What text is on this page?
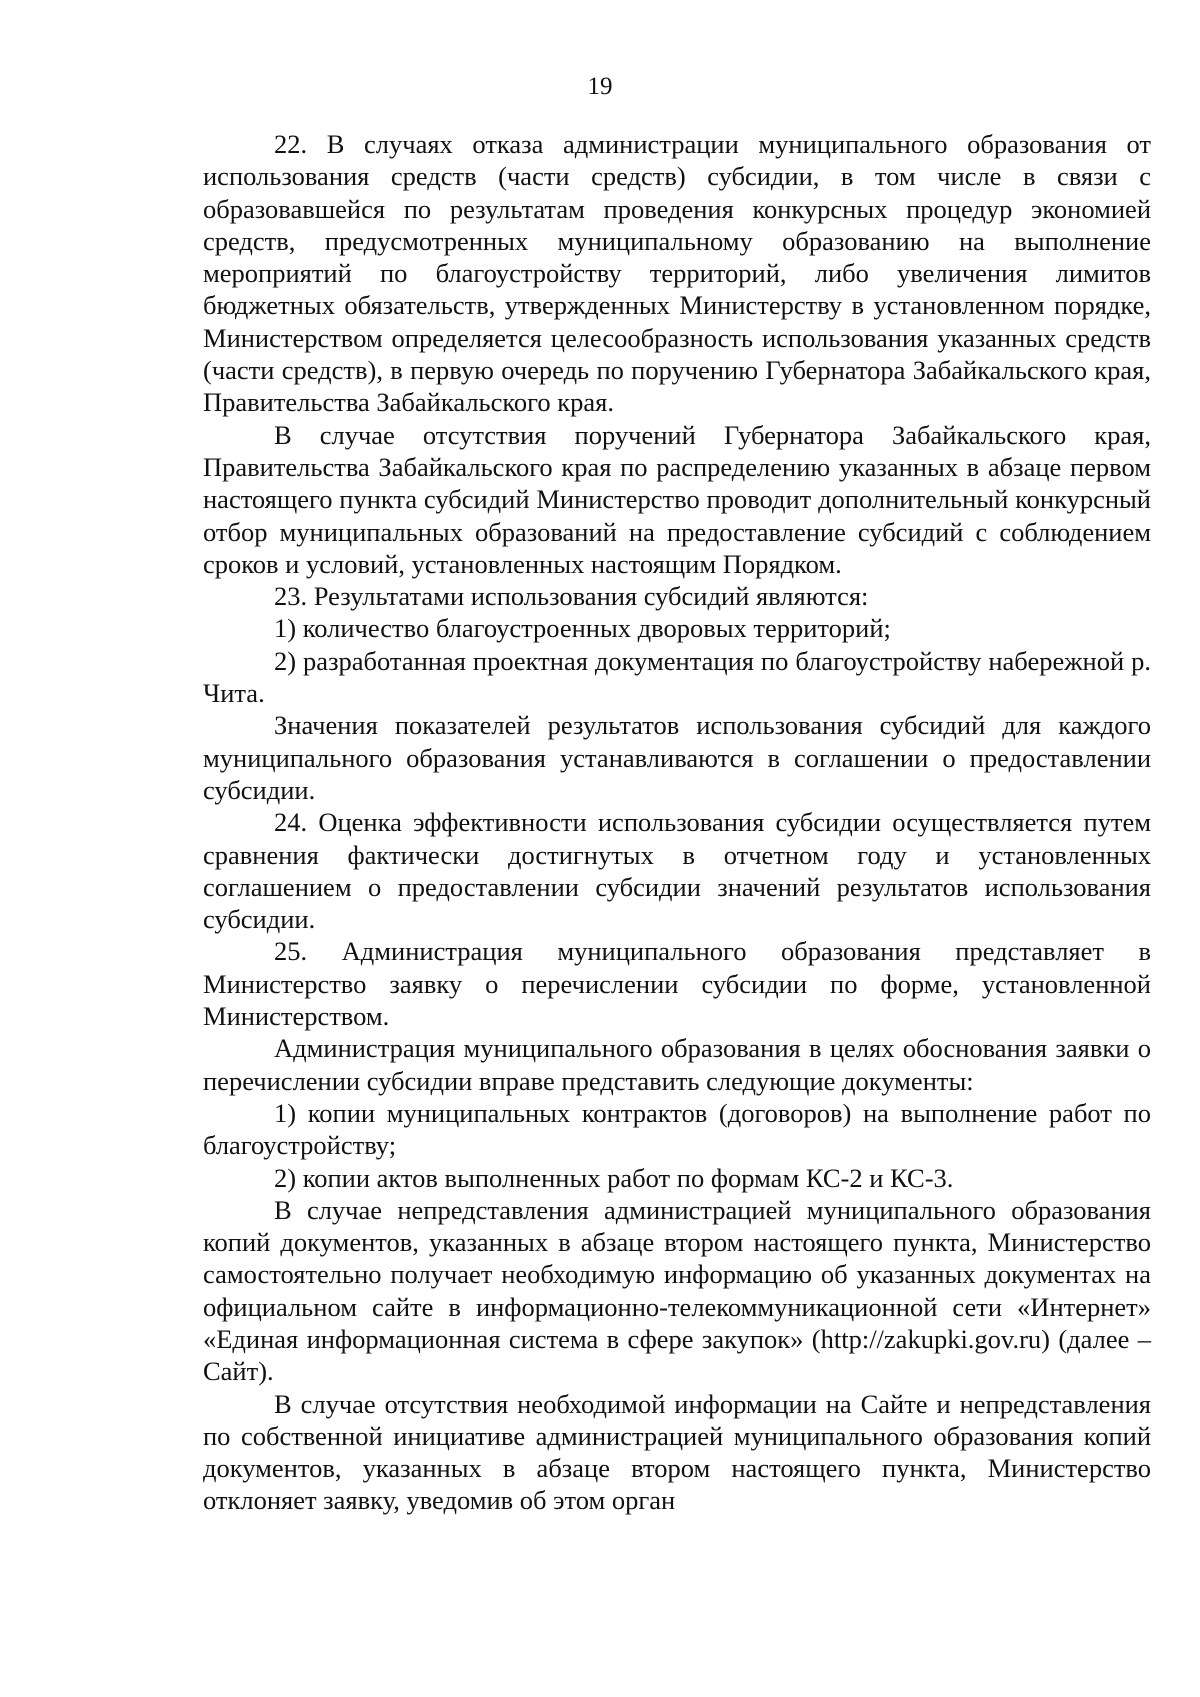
19

22. В случаях отказа администрации муниципального образования от использования средств (части средств) субсидии, в том числе в связи с образовавшейся по результатам проведения конкурсных процедур экономией средств, предусмотренных муниципальному образованию на выполнение мероприятий по благоустройству территорий, либо увеличения лимитов бюджетных обязательств, утвержденных Министерству в установленном порядке, Министерством определяется целесообразность использования указанных средств (части средств), в первую очередь по поручению Губернатора Забайкальского края, Правительства Забайкальского края.

В случае отсутствия поручений Губернатора Забайкальского края, Правительства Забайкальского края по распределению указанных в абзаце первом настоящего пункта субсидий Министерство проводит дополнительный конкурсный отбор муниципальных образований на предоставление субсидий с соблюдением сроков и условий, установленных настоящим Порядком.

23. Результатами использования субсидий являются:

1) количество благоустроенных дворовых территорий;

2) разработанная проектная документация по благоустройству набережной р. Чита.

Значения показателей результатов использования субсидий для каждого муниципального образования устанавливаются в соглашении о предоставлении субсидии.

24. Оценка эффективности использования субсидии осуществляется путем сравнения фактически достигнутых в отчетном году и установленных соглашением о предоставлении субсидии значений результатов использования субсидии.

25. Администрация муниципального образования представляет в Министерство заявку о перечислении субсидии по форме, установленной Министерством.

Администрация муниципального образования в целях обоснования заявки о перечислении субсидии вправе представить следующие документы:

1) копии муниципальных контрактов (договоров) на выполнение работ по благоустройству;

2) копии актов выполненных работ по формам КС-2 и КС-3.

В случае непредставления администрацией муниципального образования копий документов, указанных в абзаце втором настоящего пункта, Министерство самостоятельно получает необходимую информацию об указанных документах на официальном сайте в информационно-телекоммуникационной сети «Интернет» «Единая информационная система в сфере закупок» (http://zakupki.gov.ru) (далее – Сайт).

В случае отсутствия необходимой информации на Сайте и непредставления по собственной инициативе администрацией муниципального образования копий документов, указанных в абзаце втором настоящего пункта, Министерство отклоняет заявку, уведомив об этом орган
